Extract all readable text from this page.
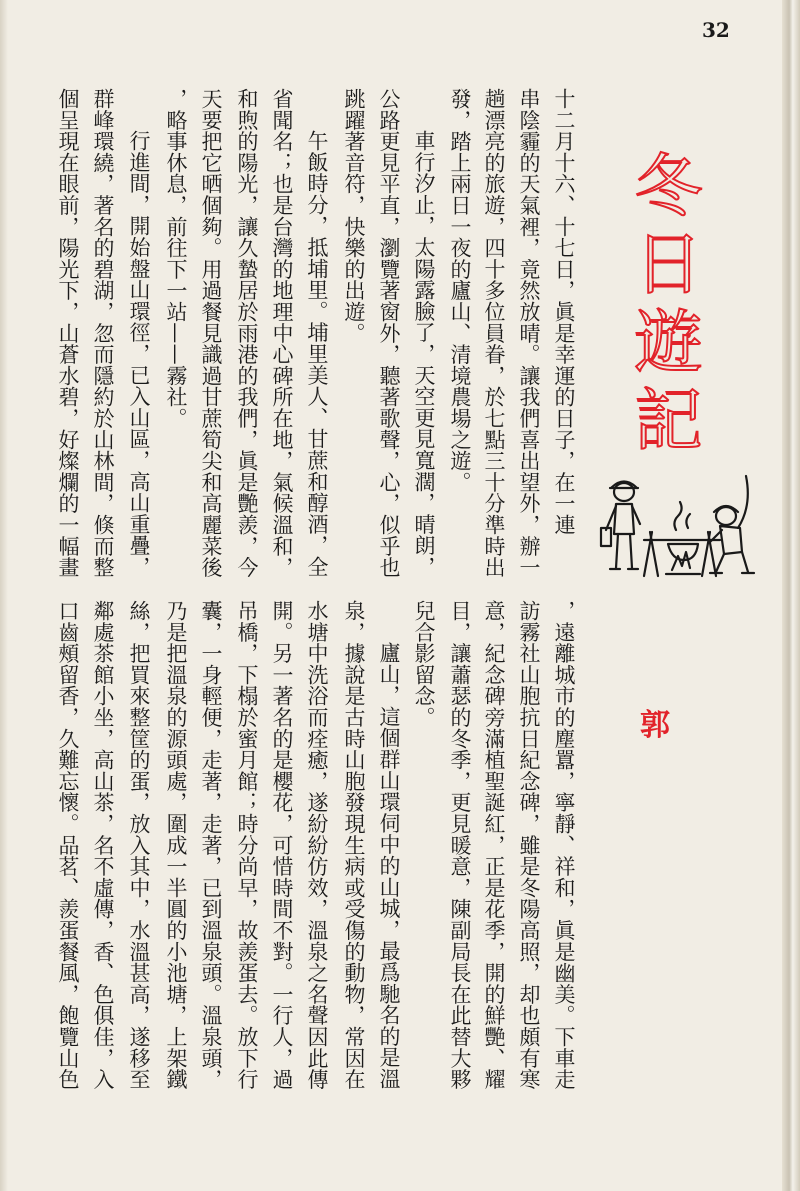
32
冬日遊記
郭
十二月十六、十七日，眞是幸運的日子，在一連
串陰霾的天氣裡，竟然放晴。讓我們喜出望外，辦一
趟漂亮的旅遊，四十多位員眷，於七點三十分準時出
發，踏上兩日一夜的廬山、清境農場之遊。
車行汐止，太陽露臉了，天空更見寬濶，晴朗，
公路更見平直，瀏覽著窗外，聽著歌聲，心，似乎也
跳躍著音符，快樂的出遊。
午飯時分，抵埔里。埔里美人、甘蔗和醇酒，全
省聞名；也是台灣的地理中心碑所在地，氣候溫和，
和煦的陽光，讓久蟄居於雨港的我們，眞是艷羨，今
天要把它晒個夠。用過餐見識過甘蔗筍尖和高麗菜後
，略事休息，前往下一站——霧社。
行進間，開始盤山環徑，已入山區，高山重疊，
群峰環繞，著名的碧湖，忽而隱約於山林間，倏而整
個呈現在眼前，陽光下，山蒼水碧，好燦爛的一幅畫
，遠離城市的塵囂，寧靜、祥和，眞是幽美。下車走
訪霧社山胞抗日紀念碑，雖是冬陽高照，却也頗有寒
意，紀念碑旁滿植聖誕紅，正是花季，開的鮮艷、耀
目，讓蕭瑟的冬季，更見暖意，陳副局長在此替大夥
兒合影留念。
廬山，這個群山環伺中的山城，最爲馳名的是溫
泉，據說是古時山胞發現生病或受傷的動物，常因在
水塘中洗浴而痊癒，遂紛紛仿效，溫泉之名聲因此傳
開。另一著名的是櫻花，可惜時間不對。一行人，過
吊橋，下榻於蜜月館；時分尚早，故羨蛋去。放下行
囊，一身輕便，走著，走著，已到溫泉頭。溫泉頭，
乃是把溫泉的源頭處，圍成一半圓的小池塘，上架鐵
絲，把買來整筐的蛋，放入其中，水溫甚高，遂移至
鄰處茶館小坐，高山茶，名不虛傳，香、色俱佳，入
口齒頰留香，久難忘懷。品茗、羨蛋餐風，飽覽山色
